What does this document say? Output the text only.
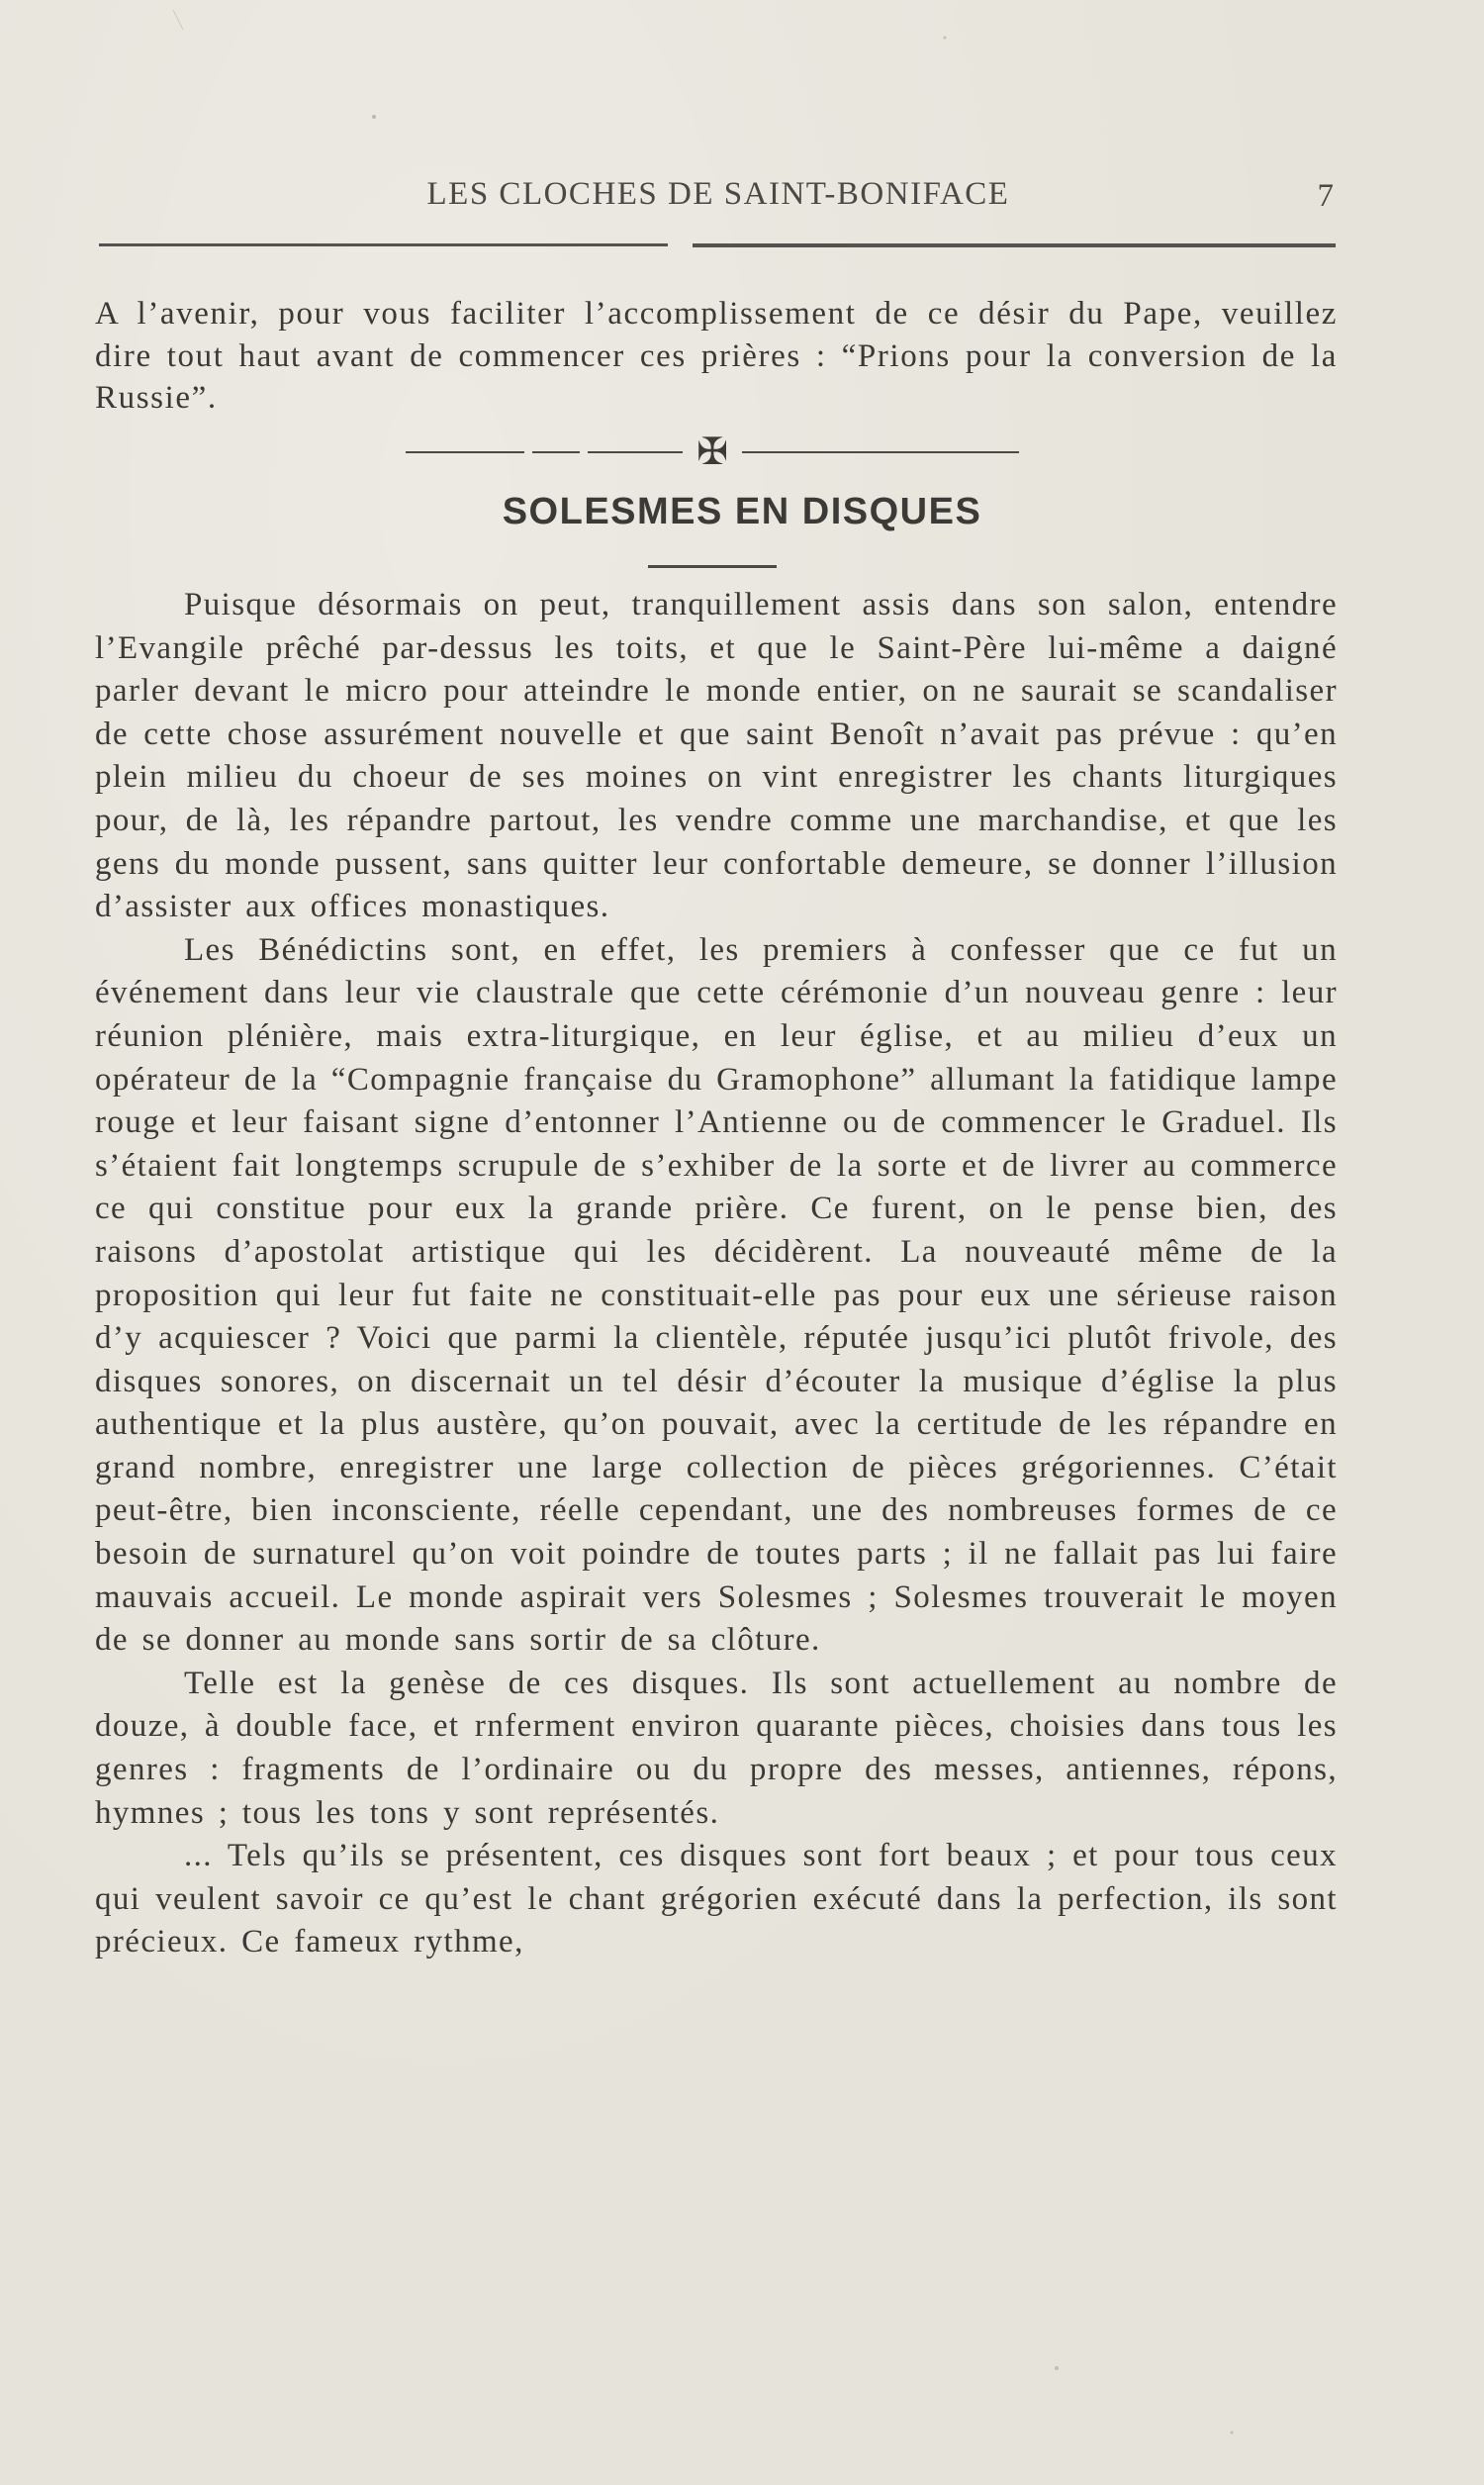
LES CLOCHES DE SAINT-BONIFACE	7
A l’avenir, pour vous faciliter l’accomplissement de ce désir du Pape, veuillez dire tout haut avant de commencer ces prières : “Prions pour la conversion de la Russie”.
✠
SOLESMES EN DISQUES

Puisque désormais on peut, tranquillement assis dans son salon, entendre l’Evangile prêché par-dessus les toits, et que le Saint-Père lui-même a daigné parler devant le micro pour atteindre le monde entier, on ne saurait se scandaliser de cette chose assurément nouvelle et que saint Benoît n’avait pas prévue : qu’en plein milieu du choeur de ses moines on vint enregistrer les chants liturgiques pour, de là, les répandre partout, les vendre comme une marchandise, et que les gens du monde pussent, sans quitter leur confortable demeure, se donner l’illusion d’assister aux offices monastiques.

Les Bénédictins sont, en effet, les premiers à confesser que ce fut un événement dans leur vie claustrale que cette cérémonie d’un nouveau genre : leur réunion plénière, mais extra-liturgique, en leur église, et au milieu d’eux un opérateur de la “Compagnie française du Gramophone” allumant la fatidique lampe rouge et leur faisant signe d’entonner l’Antienne ou de commencer le Graduel. Ils s’étaient fait longtemps scrupule de s’exhiber de la sorte et de livrer au commerce ce qui constitue pour eux la grande prière. Ce furent, on le pense bien, des raisons d’apostolat artistique qui les décidèrent. La nouveauté même de la proposition qui leur fut faite ne constituait-elle pas pour eux une sérieuse raison d’y acquiescer ? Voici que parmi la clientèle, réputée jusqu’ici plutôt frivole, des disques sonores, on discernait un tel désir d’écouter la musique d’église la plus authentique et la plus austère, qu’on pouvait, avec la certitude de les répandre en grand nombre, enregistrer une large collection de pièces grégoriennes. C’était peut-être, bien inconsciente, réelle cependant, une des nombreuses formes de ce besoin de surnaturel qu’on voit poindre de toutes parts ; il ne fallait pas lui faire mauvais accueil. Le monde aspirait vers Solesmes ; Solesmes trouverait le moyen de se donner au monde sans sortir de sa clôture.

Telle est la genèse de ces disques. Ils sont actuellement au nombre de douze, à double face, et rnferment environ quarante pièces, choisies dans tous les genres : fragments de l’ordinaire ou du propre des messes, antiennes, répons, hymnes ; tous les tons y sont représentés.

... Tels qu’ils se présentent, ces disques sont fort beaux ; et pour tous ceux qui veulent savoir ce qu’est le chant grégorien exécuté dans la perfection, ils sont précieux. Ce fameux rythme,
